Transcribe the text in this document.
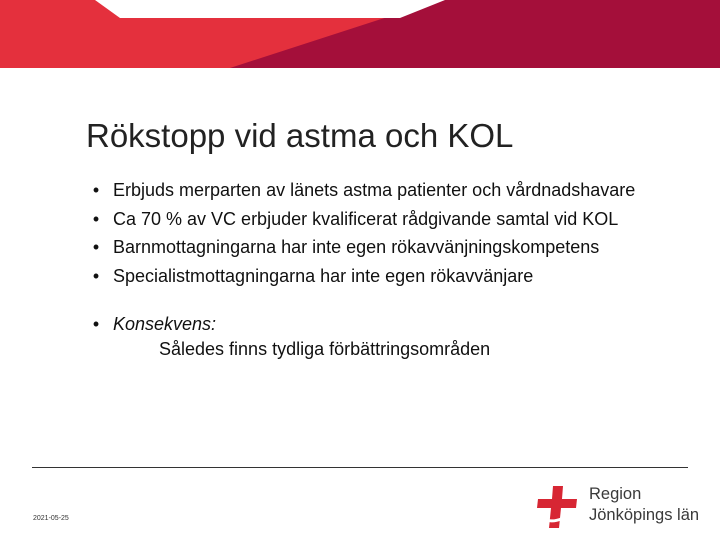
Rökstopp vid astma och KOL
• Erbjuds merparten av länets astma patienter och vårdnadshavare
• Ca 70 % av VC erbjuder kvalificerat rådgivande samtal vid KOL
• Barnmottagningarna har inte egen rökavvänjningskompetens
• Specialistmottagningarna har inte egen rökavvänjare
• Konsekvens:
Således finns tydliga förbättringsområden
2021-05-25
Region
Jönköpings län
